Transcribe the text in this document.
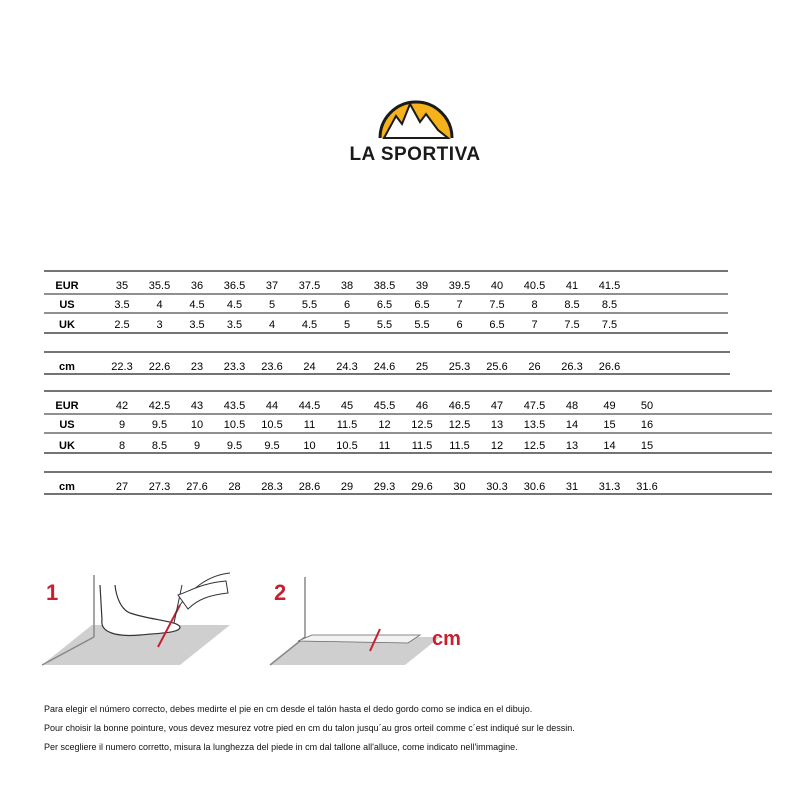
LA SPORTIVA
EUR	35 35.5 36 36.5 37 37.5 38 38.5 39 39.5 40 40.5 41 41.5
US	3.5 4 4.5 4.5 5 5.5 6 6.5 6.5 7 7.5 8 8.5 8.5
UK	2.5 3 3.5 3.5 4 4.5 5 5.5 5.5 6 6.5 7 7.5 7.5
cm	22.3 22.6 23 23.3 23.6 24 24.3 24.6 25 25.3 25.6 26 26.3 26.6
EUR	42 42.5 43 43.5 44 44.5 45 45.5 46 46.5 47 47.5 48 49 50
US	9 9.5 10 10.5 10.5 11 11.5 12 12.5 12.5 13 13.5 14 15 16
UK	8 8.5 9 9.5 9.5 10 10.5 11 11.5 11.5 12 12.5 13 14 15
cm	27 27.3 27.6 28 28.3 28.6 29 29.3 29.6 30 30.3 30.6 31 31.3 31.6
1	2
cm
Para elegir el número correcto, debes medirte el pie en cm desde el talón hasta el dedo gordo como se indica en el dibujo.
Pour choisir la bonne pointure, vous devez mesurez votre pied en cm du talon jusqu´au gros orteil comme c´est indiqué sur le dessin.
Per scegliere il numero corretto, misura la lunghezza del piede in cm dal tallone all'alluce, come indicato nell'immagine.
